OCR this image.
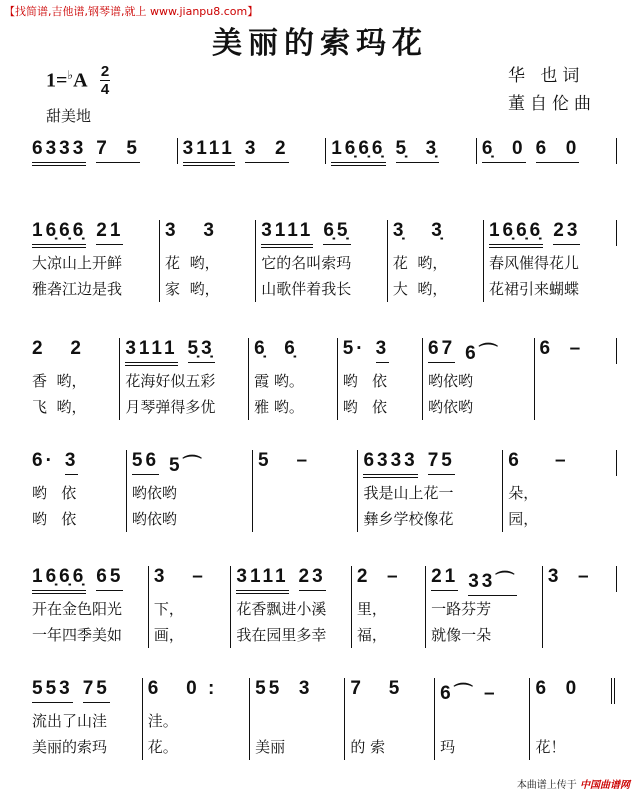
【找简谱,吉他谱,钢琴谱,就上 www.jianpu8.com】
美丽的索玛花
1=♭A 2
4
甜美地
华 也词
董自伦曲
6333 7  5 3111 3  2 16̣6̣6̣ 5̣  3̣ 6̣  0 6  0
16̣6̣6̣ 21
大凉山上开鲜
雅砻江边是我
3   3
花  哟，
家  哟，
3111 6̣5̣
它的名叫索玛
山歌伴着我长
3̣   3̣
花  哟，
大  哟，
16̣6̣6̣ 23
春风催得花儿
花裙引来蝴蝶
2   2
香  哟，
飞  哟，
3111 5̣3̣
花海好似五彩
月琴弹得多优
6̣  6̣
霞 哟。
雅 哟。
5· 3
哟   依
哟   依
67 6⌒
哟依哟
哟依哟
6  –
6· 3
哟   依
哟   依
56 5⌒
哟依哟
哟依哟
5   –	6333 75
我是山上花一
彝乡学校像花
6    –
朵，
园，
16̣6̣6̣ 65
开在金色阳光
一年四季美如
3   –
下，
画，
3111 23
花香飘进小溪
我在园里多幸
2  –
里，
福，
21 33⌒
一路芬芳
就像一朵
3  –
553 75
流出了山洼
美丽的索玛
6   0 :
洼。
花。
55  3
美丽
7   5
的 索
6⌒ –
玛
6  0
花！
本曲谱上传于 中国曲谱网
